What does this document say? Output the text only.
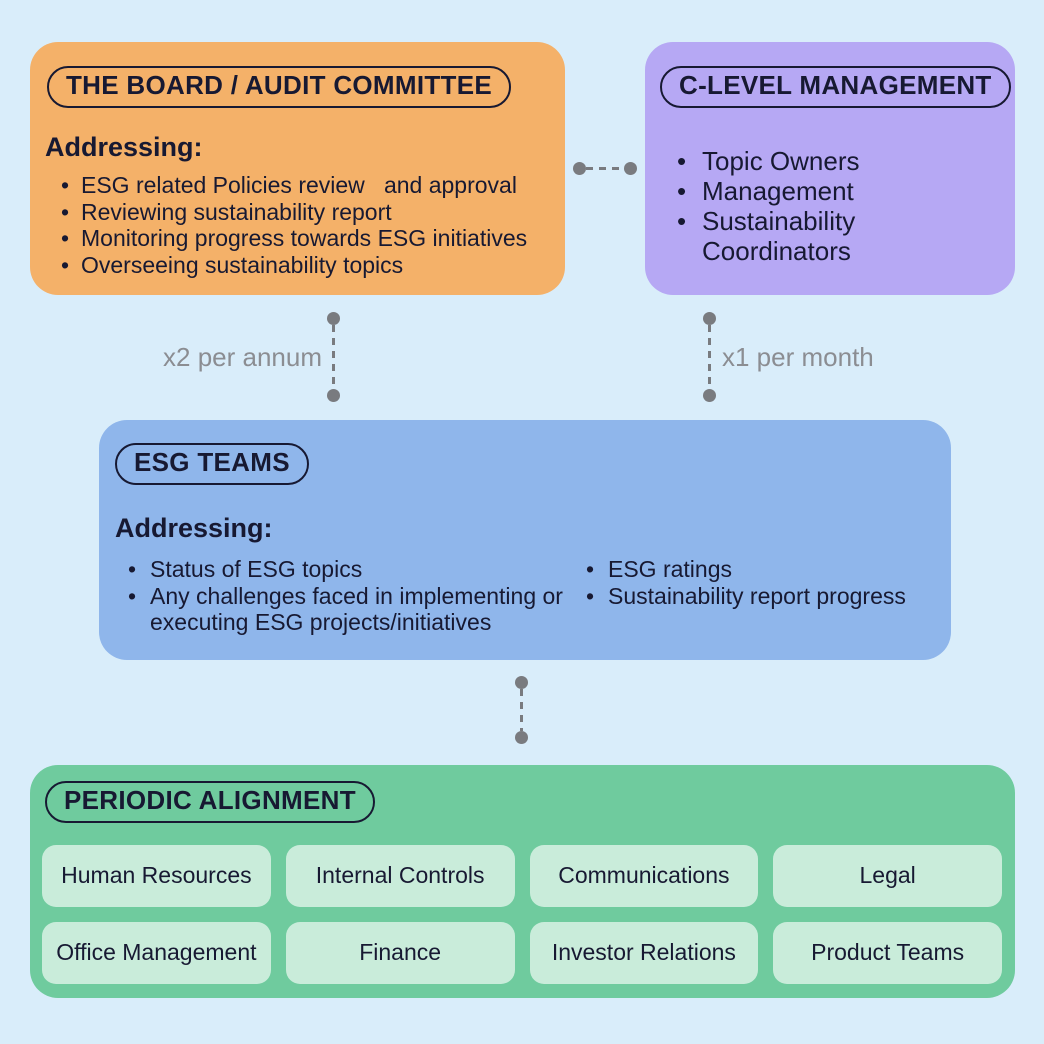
THE BOARD / AUDIT COMMITTEE
Addressing:
• ESG related Policies review   and approval
• Reviewing sustainability report
• Monitoring progress towards ESG initiatives
• Overseeing sustainability topics
C-LEVEL MANAGEMENT
• Topic Owners
• Management
• Sustainability Coordinators
x2 per annum	x1 per month
ESG TEAMS
Addressing:
• Status of ESG topics
• Any challenges faced in implementing or executing ESG projects/initiatives
• ESG ratings
• Sustainability report progress
PERIODIC ALIGNMENT
Human Resources	Internal Controls	Communications	Legal
Office Management	Finance	Investor Relations	Product Teams
